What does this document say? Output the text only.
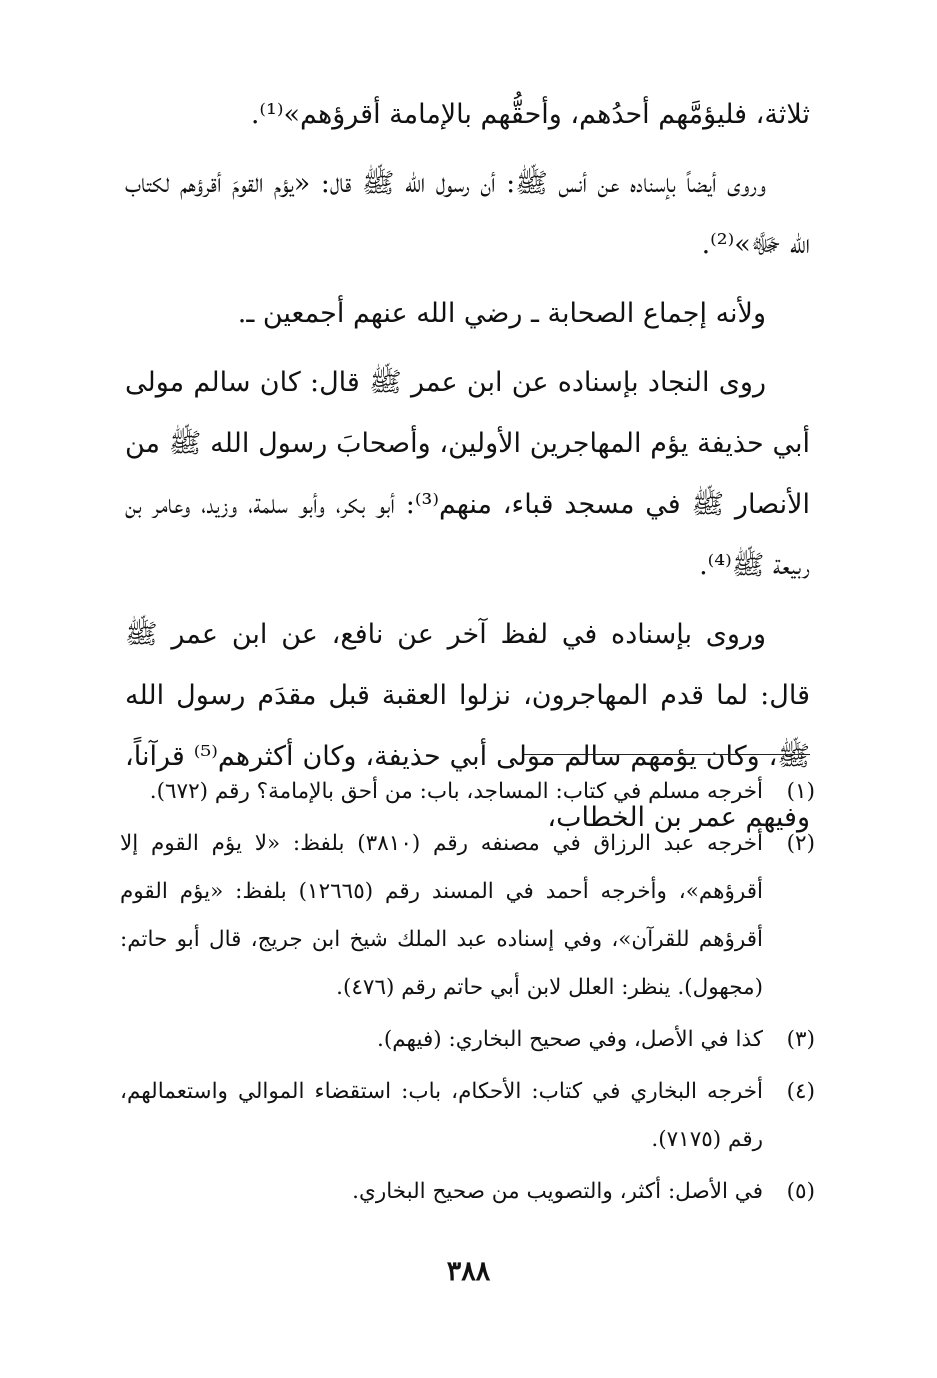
ثلاثة، فليؤمَّهم أحدُهم، وأحقُّهم بالإمامة أقرؤهم»⁽¹⁾.

وروى أيضاً بإسناده عن أنس ﷺ: أن رسول الله ﷺ قال: «يؤم القومَ أقرؤهم لكتاب الله ﷻ»⁽²⁾.

ولأنه إجماع الصحابة ـ رضي الله عنهم أجمعين ـ.

روى النجاد بإسناده عن ابن عمر ﷺ قال: كان سالم مولى أبي حذيفة يؤم المهاجرين الأولين، وأصحابَ رسول الله ﷺ من الأنصار ﷺ في مسجد قباء، منهم⁽³⁾: أبو بكر، وأبو سلمة، وزيد، وعامر بن ربيعة ﷺ⁽⁴⁾.

وروى بإسناده في لفظ آخر عن نافع، عن ابن عمر ﷺ قال: لما قدم المهاجرون، نزلوا العقبة قبل مقدَم رسول الله ﷺ، وكان يؤمهم سالم مولى أبي حذيفة، وكان أكثرهم⁽⁵⁾ قرآناً، وفيهم عمر بن الخطاب،

(١)
أخرجه مسلم في كتاب: المساجد، باب: من أحق بالإمامة؟ رقم (٦٧٢).
(٢)
أخرجه عبد الرزاق في مصنفه رقم (٣٨١٠) بلفظ: «لا يؤم القوم إلا أقرؤهم»، وأخرجه أحمد في المسند رقم (١٢٦٦٥) بلفظ: «يؤم القوم أقرؤهم للقرآن»، وفي إسناده عبد الملك شيخ ابن جريج، قال أبو حاتم: (مجهول). ينظر: العلل لابن أبي حاتم رقم (٤٧٦).
(٣)
كذا في الأصل، وفي صحيح البخاري: (فيهم).
(٤)
أخرجه البخاري في كتاب: الأحكام، باب: استقضاء الموالي واستعمالهم، رقم (٧١٧٥).
(٥)
في الأصل: أكثر، والتصويب من صحيح البخاري.
٣٨٨
